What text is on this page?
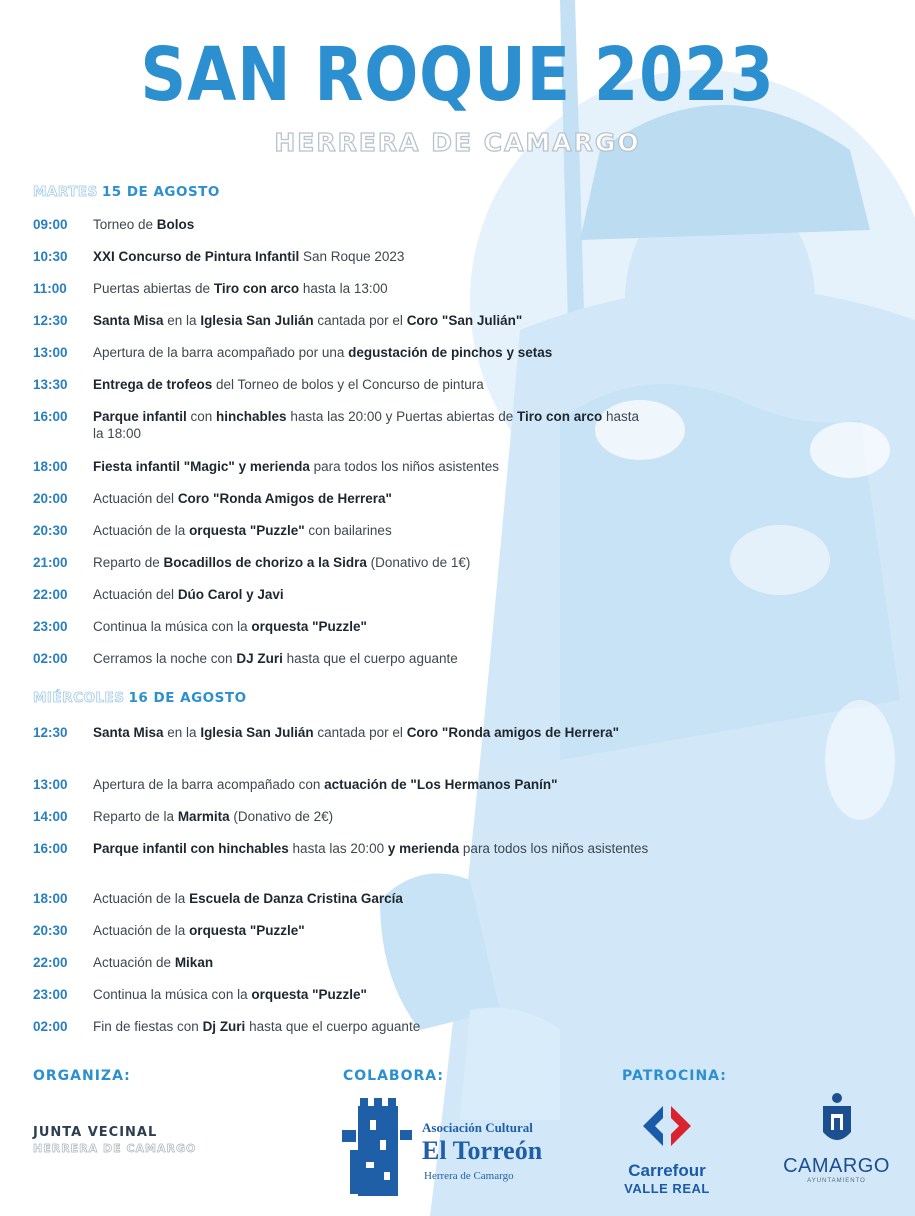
SAN ROQUE 2023
HERRERA DE CAMARGO
MARTES 15 DE AGOSTO
09:00	Torneo de Bolos
10:30	XXI Concurso de Pintura Infantil San Roque 2023
11:00	Puertas abiertas de Tiro con arco hasta la 13:00
12:30	Santa Misa en la Iglesia San Julián cantada por el Coro "San Julián"
13:00	Apertura de la barra acompañado por una degustación de pinchos y setas
13:30	Entrega de trofeos del Torneo de bolos y el Concurso de pintura
16:00	Parque infantil con hinchables hasta las 20:00 y Puertas abiertas de Tiro con arco hasta la 18:00
18:00	Fiesta infantil "Magic" y merienda para todos los niños asistentes
20:00	Actuación del Coro "Ronda Amigos de Herrera"
20:30	Actuación de la orquesta "Puzzle" con bailarines
21:00	Reparto de Bocadillos de chorizo a la Sidra (Donativo de 1€)
22:00	Actuación del Dúo Carol y Javi
23:00	Continua la música con la orquesta "Puzzle"
02:00	Cerramos la noche con DJ Zuri hasta que el cuerpo aguante
MIÉRCOLES 16 DE AGOSTO
12:30	Santa Misa en la Iglesia San Julián cantada por el Coro "Ronda amigos de Herrera"
13:00	Apertura de la barra acompañado con actuación de "Los Hermanos Panín"
14:00	Reparto de la Marmita (Donativo de 2€)
16:00	Parque infantil con hinchables hasta las 20:00 y merienda para todos los niños asistentes
18:00	Actuación de la Escuela de Danza Cristina García
20:30	Actuación de la orquesta "Puzzle"
22:00	Actuación de Mikan
23:00	Continua la música con la orquesta "Puzzle"
02:00	Fin de fiestas con Dj Zuri hasta que el cuerpo aguante
ORGANIZA:	COLABORA:	PATROCINA:
JUNTA VECINAL
HERRERA DE CAMARGO
Asociación Cultural
El Torreón
Herrera de Camargo	Carrefour
VALLE REAL
CAMARGO
AYUNTAMIENTO
